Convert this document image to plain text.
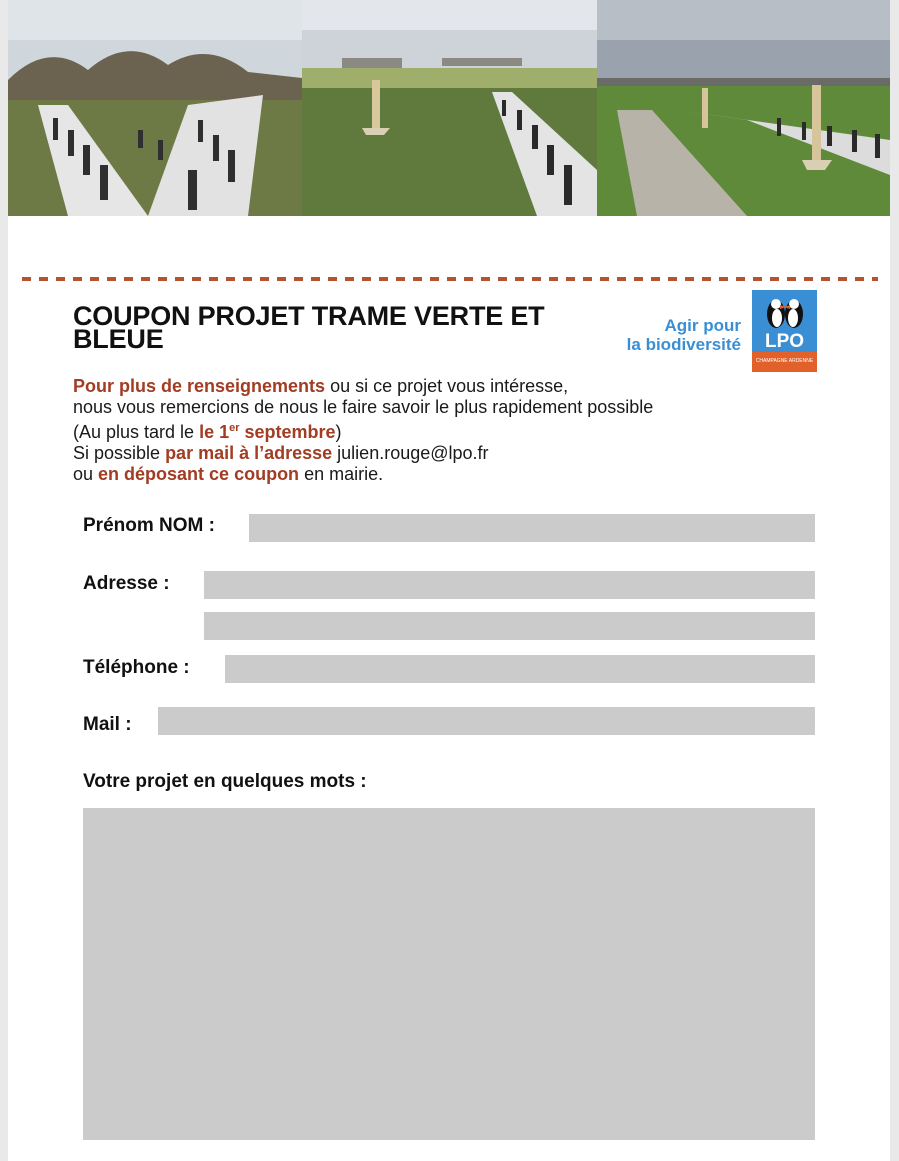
COUPON PROJET TRAME VERTE ET BLEUE	Agir pour
la biodiversité LPO
CHAMPAGNE ARDENNE
Pour plus de renseignements ou si ce projet vous intéresse,
nous vous remercions de nous le faire savoir le plus rapidement possible
(Au plus tard le le 1er septembre)
Si possible par mail à l’adresse julien.rouge@lpo.fr
ou en déposant ce coupon en mairie.
Prénom NOM :
Adresse :
Téléphone :
Mail :
Votre projet en quelques mots :
